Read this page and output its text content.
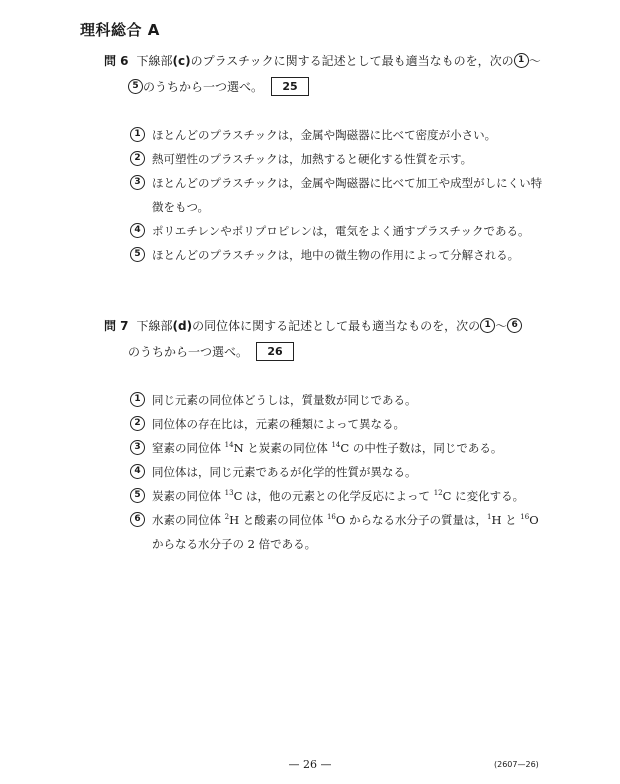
理科総合 A
問 6 下線部(c)のプラスチックに関する記述として最も適当なものを，次の 1 〜
5 のうちから一つ選べ。 25
1 ほとんどのプラスチックは，金属や陶磁器に比べて密度が小さい。
2 熱可塑性のプラスチックは，加熱すると硬化する性質を示す。
3 ほとんどのプラスチックは，金属や陶磁器に比べて加工や成型がしにくい特徴をもつ。
4 ポリエチレンやポリプロピレンは，電気をよく通すプラスチックである。
5 ほとんどのプラスチックは，地中の微生物の作用によって分解される。
問 7 下線部(d)の同位体に関する記述として最も適当なものを，次の 1 〜 6
のうちから一つ選べ。 26
1 同じ元素の同位体どうしは，質量数が同じである。
2 同位体の存在比は，元素の種類によって異なる。
3 窒素の同位体 $^{14}$N と炭素の同位体 $^{14}$C の中性子数は，同じである。
4 同位体は，同じ元素であるが化学的性質が異なる。
5 炭素の同位体 $^{13}$C は，他の元素との化学反応によって $^{12}$C に変化する。
6 水素の同位体 $^2$H と酸素の同位体 $^{16}$O からなる水分子の質量は，$^1$H と $^{16}$O からなる水分子の 2 倍である。
— 26 —	(2607—26)
